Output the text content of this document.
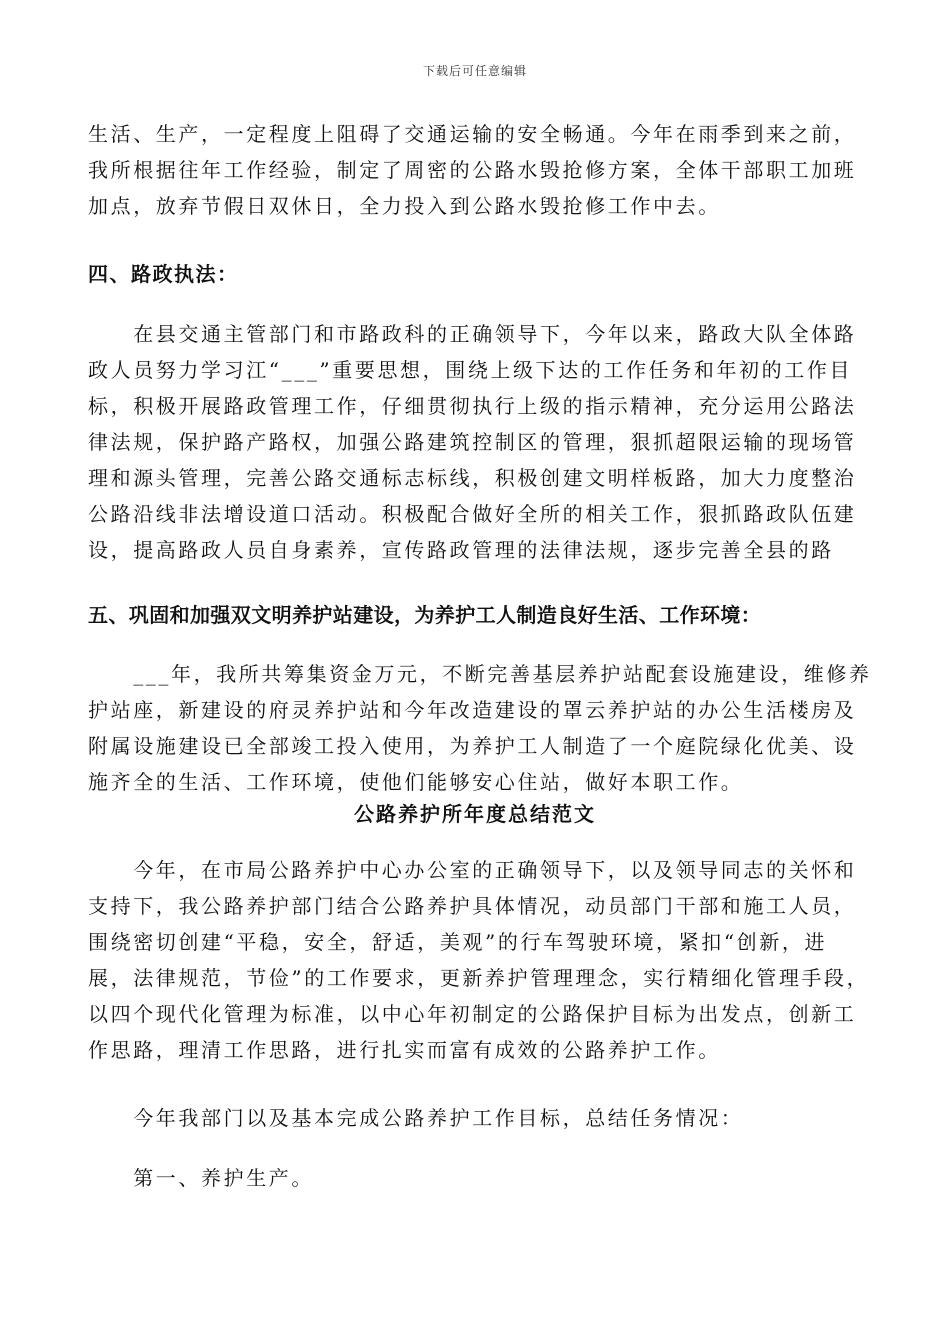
下载后可任意编辑
生活、生产，一定程度上阻碍了交通运输的安全畅通。今年在雨季到来之前，
我所根据往年工作经验，制定了周密的公路水毁抢修方案，全体干部职工加班
加点，放弃节假日双休日，全力投入到公路水毁抢修工作中去。
四、路政执法：
　　在县交通主管部门和市路政科的正确领导下，今年以来，路政大队全体路
政人员努力学习江“___”重要思想，围绕上级下达的工作任务和年初的工作目
标，积极开展路政管理工作，仔细贯彻执行上级的指示精神，充分运用公路法
律法规，保护路产路权，加强公路建筑控制区的管理，狠抓超限运输的现场管
理和源头管理，完善公路交通标志标线，积极创建文明样板路，加大力度整治
公路沿线非法增设道口活动。积极配合做好全所的相关工作，狠抓路政队伍建
设，提高路政人员自身素养，宣传路政管理的法律法规，逐步完善全县的路
五、巩固和加强双文明养护站建设，为养护工人制造良好生活、工作环境：
　　___年，我所共筹集资金万元，不断完善基层养护站配套设施建设，维修养
护站座，新建设的府灵养护站和今年改造建设的罩云养护站的办公生活楼房及
附属设施建设已全部竣工投入使用，为养护工人制造了一个庭院绿化优美、设
施齐全的生活、工作环境，使他们能够安心住站，做好本职工作。
公路养护所年度总结范文
　　今年，在市局公路养护中心办公室的正确领导下，以及领导同志的关怀和
支持下，我公路养护部门结合公路养护具体情况，动员部门干部和施工人员，
围绕密切创建“平稳，安全，舒适，美观”的行车驾驶环境，紧扣“创新，进
展，法律规范，节俭”的工作要求，更新养护管理理念，实行精细化管理手段，
以四个现代化管理为标准，以中心年初制定的公路保护目标为出发点，创新工
作思路，理清工作思路，进行扎实而富有成效的公路养护工作。
　　今年我部门以及基本完成公路养护工作目标，总结任务情况：
　　第一、养护生产。
